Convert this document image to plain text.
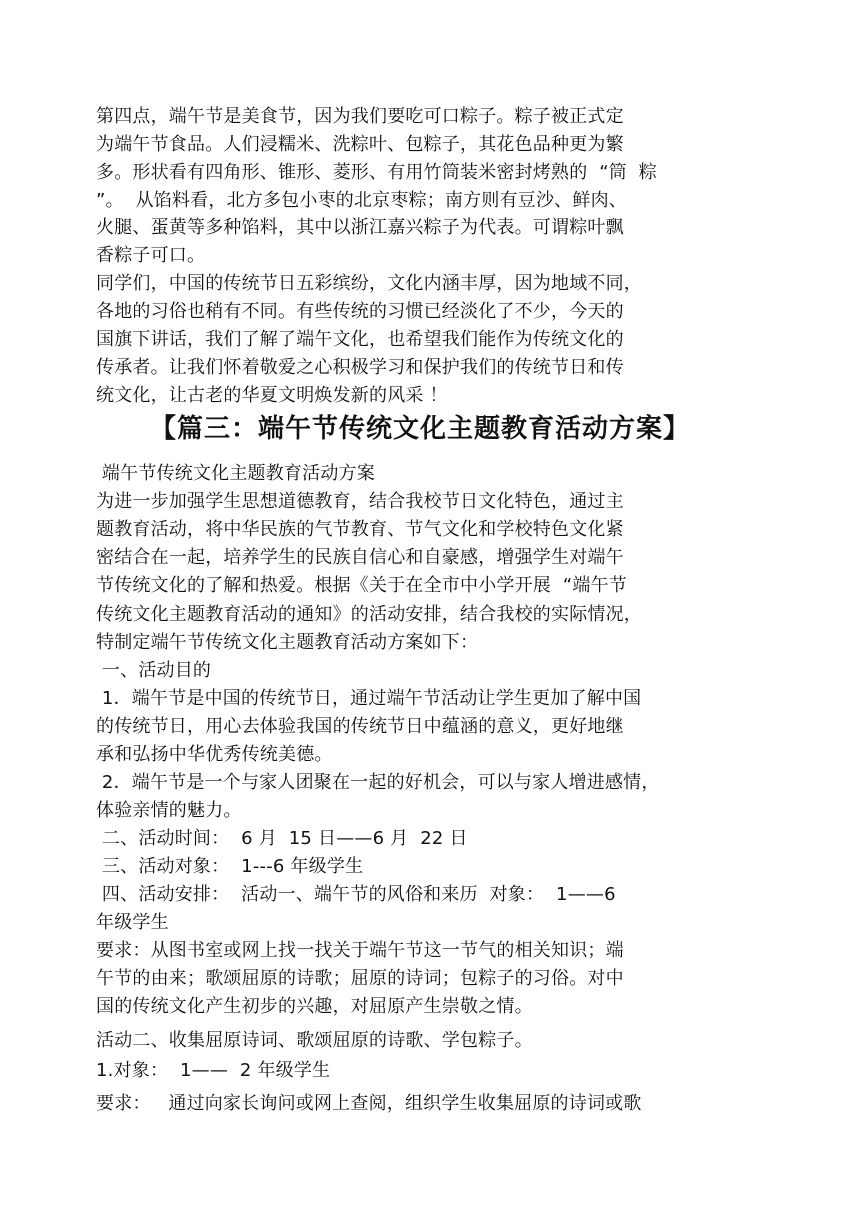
第四点，端午节是美食节，因为我们要吃可口粽子。粽子被正式定
为端午节食品。人们浸糯米、洗粽叶、包粽子，其花色品种更为繁
多。形状看有四角形、锥形、菱形、有用竹筒装米密封烤熟的  “筒  粽
”。  从馅料看，北方多包小枣的北京枣粽；南方则有豆沙、鲜肉、
火腿、蛋黄等多种馅料，其中以浙江嘉兴粽子为代表。可谓粽叶飘
香粽子可口。
同学们，中国的传统节日五彩缤纷，文化内涵丰厚，因为地域不同，
各地的习俗也稍有不同。有些传统的习惯已经淡化了不少，今天的
国旗下讲话，我们了解了端午文化，也希望我们能作为传统文化的
传承者。让我们怀着敬爱之心积极学习和保护我们的传统节日和传
统文化，让古老的华夏文明焕发新的风采 ！
【篇三：端午节传统文化主题教育活动方案】
端午节传统文化主题教育活动方案
为进一步加强学生思想道德教育，结合我校节日文化特色，通过主
题教育活动，将中华民族的气节教育、节气文化和学校特色文化紧
密结合在一起，培养学生的民族自信心和自豪感，增强学生对端午
节传统文化的了解和热爱。根据《关于在全市中小学开展  “端午节
传统文化主题教育活动的通知》的活动安排，结合我校的实际情况，
特制定端午节传统文化主题教育活动方案如下：
一、活动目的
1．端午节是中国的传统节日，通过端午节活动让学生更加了解中国
的传统节日，用心去体验我国的传统节日中蕴涵的意义，更好地继
承和弘扬中华优秀传统美德。
2．端午节是一个与家人团聚在一起的好机会，可以与家人增进感情，
体验亲情的魅力。
二、活动时间：  6 月  15 日——6 月  22 日
三、活动对象：  1---6 年级学生
四、活动安排：  活动一、端午节的风俗和来历  对象：  1——6
年级学生
要求：从图书室或网上找一找关于端午节这一节气的相关知识；端
午节的由来；歌颂屈原的诗歌；屈原的诗词；包粽子的习俗。对中
国的传统文化产生初步的兴趣，对屈原产生崇敬之情。
活动二、收集屈原诗词、歌颂屈原的诗歌、学包粽子。
1.对象：  1——  2 年级学生
要求：   通过向家长询问或网上查阅，组织学生收集屈原的诗词或歌
